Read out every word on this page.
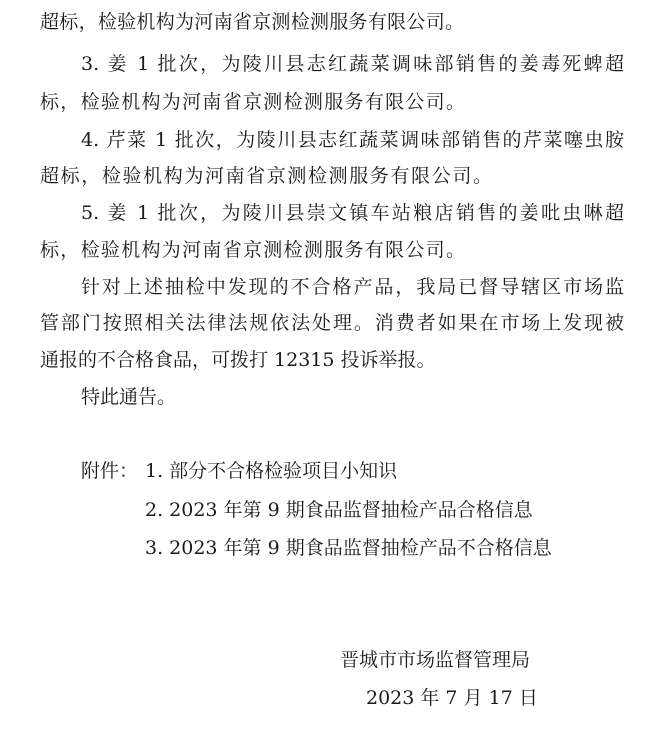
超标，检验机构为河南省京测检测服务有限公司。
3. 姜 1 批次，为陵川县志红蔬菜调味部销售的姜毒死蜱超
标，检验机构为河南省京测检测服务有限公司。
4. 芹菜 1 批次，为陵川县志红蔬菜调味部销售的芹菜噻虫胺
超标，检验机构为河南省京测检测服务有限公司。
5. 姜 1 批次，为陵川县崇文镇车站粮店销售的姜吡虫啉超
标，检验机构为河南省京测检测服务有限公司。
针对上述抽检中发现的不合格产品，我局已督导辖区市场监
管部门按照相关法律法规依法处理。消费者如果在市场上发现被
通报的不合格食品，可拨打 12315 投诉举报。
特此通告。
附件： 1. 部分不合格检验项目小知识
2. 2023 年第 9 期食品监督抽检产品合格信息
3. 2023 年第 9 期食品监督抽检产品不合格信息
晋城市市场监督管理局
2023 年 7 月 17 日
